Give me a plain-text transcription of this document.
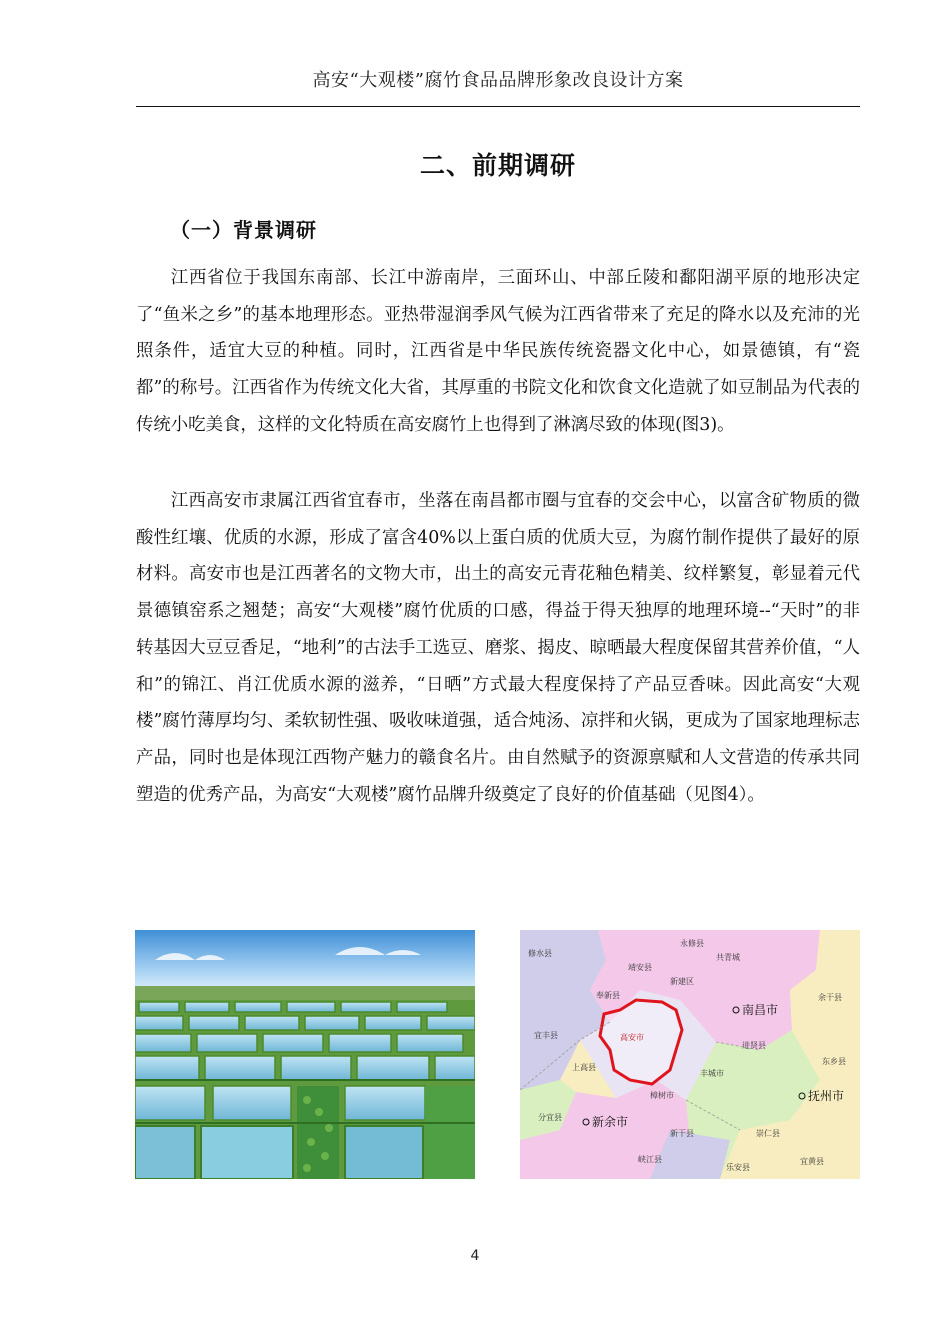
高安“大观楼”腐竹食品品牌形象改良设计方案
二、前期调研
（一）背景调研

江西省位于我国东南部、长江中游南岸，三面环山、中部丘陵和鄱阳湖平原的地形决定了“鱼米之乡”的基本地理形态。亚热带湿润季风气候为江西省带来了充足的降水以及充沛的光照条件，适宜大豆的种植。同时，江西省是中华民族传统瓷器文化中心，如景德镇，有“瓷都”的称号。江西省作为传统文化大省，其厚重的书院文化和饮食文化造就了如豆制品为代表的传统小吃美食，这样的文化特质在高安腐竹上也得到了淋漓尽致的体现(图3)。

江西高安市隶属江西省宜春市，坐落在南昌都市圈与宜春的交会中心，以富含矿物质的微酸性红壤、优质的水源，形成了富含40%以上蛋白质的优质大豆，为腐竹制作提供了最好的原材料。高安市也是江西著名的文物大市，出土的高安元青花釉色精美、纹样繁复，彰显着元代景德镇窑系之翘楚；高安“大观楼”腐竹优质的口感，得益于得天独厚的地理环境--“天时”的非转基因大豆豆香足，“地利”的古法手工选豆、磨浆、揭皮、晾晒最大程度保留其营养价值，“人和”的锦江、肖江优质水源的滋养，“日晒”方式最大程度保持了产品豆香味。因此高安“大观楼”腐竹薄厚均匀、柔软韧性强、吸收味道强，适合炖汤、凉拌和火锅，更成为了国家地理标志产品，同时也是体现江西物产魅力的赣食名片。由自然赋予的资源禀赋和人文营造的传承共同塑造的优秀产品，为高安“大观楼”腐竹品牌升级奠定了良好的价值基础（见图4）。

修水县
永修县
共青城
靖安县
新建区
奉新县	余干县
宜丰县	高安市
进贤县
东乡县
上高县
丰城市
樟树市
分宜县
新干县	崇仁县
峡江县
乐安县
宜黄县
南昌市
新余市
抚州市
4
